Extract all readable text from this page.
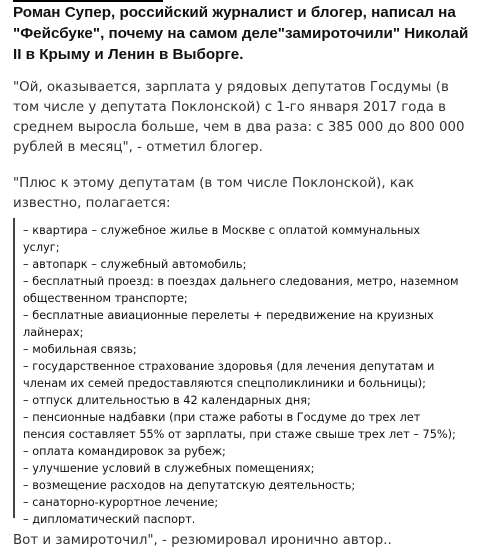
Роман Супер, российский журналист и блогер, написал на "Фейсбуке", почему на самом деле"замироточили" Николай II в Крыму и Ленин в Выборге.

"Ой, оказывается, зарплата у рядовых депутатов Госдумы (в том числе у депутата Поклонской) с 1-го января 2017 года в среднем выросла больше, чем в два раза: с 385 000 до 800 000 рублей в месяц", - отметил блогер.

"Плюс к этому депутатам (в том числе Поклонской), как известно, полагается:

– квартира – служебное жилье в Москве с оплатой коммунальных услуг;
– автопарк – служебный автомобиль;
– бесплатный проезд: в поездах дальнего следования, метро, наземном общественном транспорте;
– бесплатные авиационные перелеты + передвижение на круизных лайнерах;
– мобильная связь;
– государственное страхование здоровья (для лечения депутатам и членам их семей предоставляются спецполиклиники и больницы);
– отпуск длительностью в 42 календарных дня;
– пенсионные надбавки (при стаже работы в Госдуме до трех лет пенсия составляет 55% от зарплаты, при стаже свыше трех лет – 75%);
– оплата командировок за рубеж;
– улучшение условий в служебных помещениях;
– возмещение расходов на депутатскую деятельность;
– санаторно-курортное лечение;
– дипломатический паспорт.

Вот и замироточил", - резюмировал иронично автор..
